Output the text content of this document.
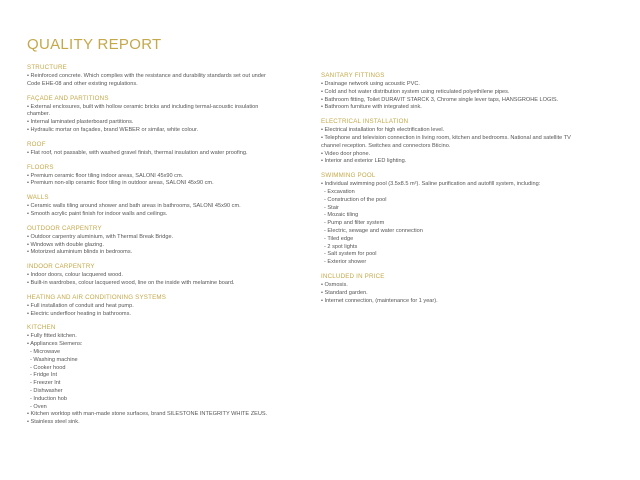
QUALITY REPORT
STRUCTURE
• Reinforced concrete. Which complies with the resistance and durability standards set out under
Code EHE-08 and other existing regulations.
FAÇADE AND PARTITIONS
• External enclosures, built with hollow ceramic bricks and including termal-acoustic insulation
chamber.
• Internal laminated plasterboard partitions.
• Hydraulic mortar on façades, brand WEBER or similar, white colour.
ROOF
• Flat roof, not passable, with washed gravel finish, thermal insulation and water proofing.
FLOORS
• Premium ceramic floor tiling indoor areas, SALONI 45x90 cm.
• Premium non-slip ceramic floor tiling in outdoor areas, SALONI 45x90 cm.
WALLS
• Ceramic walls tiling around shower and bath areas in bathrooms, SALONI 45x90 cm.
• Smooth acrylic paint finish for indoor walls and ceilings.
OUTDOOR CARPENTRY
• Outdoor carpentry aluminium, with Thermal Break Bridge.
• Windows with double glazing.
• Motorized aluminium blinds in bedrooms.
INDOOR CARPENTRY
• Indoor doors, colour lacquered wood.
• Built-in wardrobes, colour lacquered wood, line on the inside with melamine board.
HEATING AND AIR CONDITIONING SYSTEMS
• Full installation of conduit and heat pump.
• Electric underfloor heating in bathrooms.
KITCHEN
• Fully fitted kitchen.
• Appliances Siemens:
- Microwave
- Washing machine
- Cooker hood
- Fridge Int
- Freezer Int
- Dishwasher
- Induction hob
- Oven
• Kitchen worktop with man-made stone surfaces, brand SILESTONE INTEGRITY WHITE ZEUS.
• Stainless steel sink.
SANITARY FITTINGS
• Drainage network using acoustic PVC.
• Cold and hot water distribution system using reticulated polyethilene pipes.
• Bathroom fitting, Toilet DURAVIT STARCK 3, Chrome single lever taps, HANSGROHE LOGIS.
• Bathroom furniture with integrated sink.
ELECTRICAL INSTALLATION
• Electrical installation for high electrification level.
• Telephone and television connection in living room, kitchen and bedrooms. National and satellite TV
channel reception. Switches and connectors Bticino.
• Video door phone.
• Interior and exterior LED lighting.
SWIMMING POOL
• Individual swimming pool (3.5x8.5 m²). Saline purification and autofill system, including:
- Excavation
- Construction of the pool
- Stair
- Mozaic tiling
- Pump and filter system
- Electric, sewage and water connection
- Tiled edge
- 2 spot lights
- Salt system for pool
- Exterior shower
INCLUDED IN PRICE
• Osmosis.
• Standard garden.
• Internet connection, (maintenance for 1 year).
